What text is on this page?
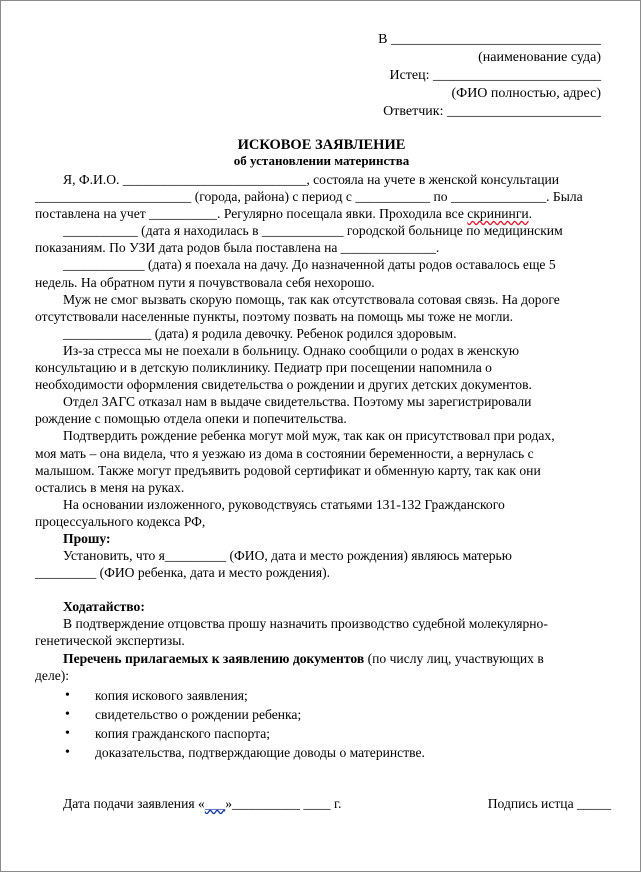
В ______________________________
(наименование суда)
Истец: ________________________
(ФИО полностью, адрес)
Ответчик: ______________________
ИСКОВОЕ ЗАЯВЛЕНИЕ
об установлении материнства
Я, Ф.И.О. ___________________________, состояла на учете в женской консультации
_______________________ (города, района) с период с ___________ по ______________. Была
поставлена на учет __________. Регулярно посещала явки. Проходила все скрининги.
___________ (дата я находилась в ____________ городской больнице по медицинским
показаниям. По УЗИ дата родов была поставлена на ______________.
____________ (дата) я поехала на дачу. До назначенной даты родов оставалось еще 5
недель. На обратном пути я почувствовала себя нехорошо.
Муж не смог вызвать скорую помощь, так как отсутствовала сотовая связь. На дороге
отсутствовали населенные пункты, поэтому позвать на помощь мы тоже не могли.
_____________ (дата) я родила девочку. Ребенок родился здоровым.
Из-за стресса мы не поехали в больницу. Однако сообщили о родах в женскую
консультацию и в детскую поликлинику. Педиатр при посещении напомнила о
необходимости оформления свидетельства о рождении и других детских документов.
Отдел ЗАГС отказал нам в выдаче свидетельства. Поэтому мы зарегистрировали
рождение с помощью отдела опеки и попечительства.
Подтвердить рождение ребенка могут мой муж, так как он присутствовал при родах,
моя мать – она видела, что я уезжаю из дома в состоянии беременности, а вернулась с
малышом. Также могут предъявить родовой сертификат и обменную карту, так как они
остались в меня на руках.
На основании изложенного, руководствуясь статьями 131-132 Гражданского
процессуального кодекса РФ,
Прошу:
Установить, что я_________ (ФИО, дата и место рождения) являюсь матерью
_________ (ФИО ребенка, дата и место рождения).
Ходатайство:
В подтверждение отцовства прошу назначить производство судебной молекулярно-
генетической экспертизы.
Перечень прилагаемых к заявлению документов (по числу лиц, участвующих в
деле):
• копия искового заявления;
• свидетельство о рождении ребенка;
• копия гражданского паспорта;
• доказательства, подтверждающие доводы о материнстве.
Дата подачи заявления «___»__________ ____ г.	Подпись истца _____
